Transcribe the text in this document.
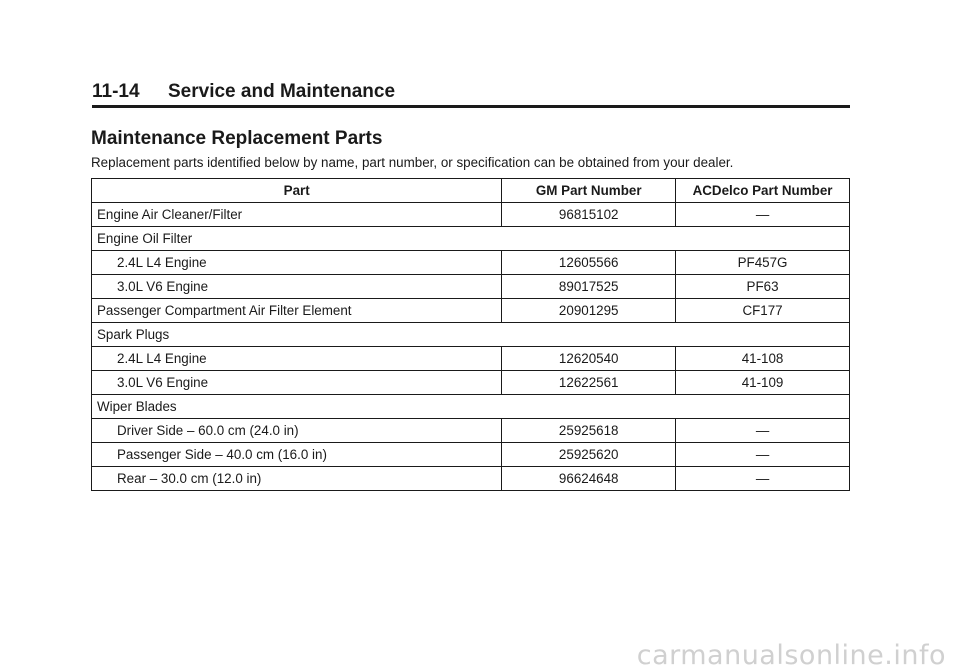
11-14 Service and Maintenance
Maintenance Replacement Parts

Replacement parts identified below by name, part number, or specification can be obtained from your dealer.

Part	GM Part Number	ACDelco Part Number
Engine Air Cleaner/Filter	96815102	—
Engine Oil Filter		
2.4L L4 Engine	12605566	PF457G
3.0L V6 Engine	89017525	PF63
Passenger Compartment Air Filter Element	20901295	CF177
Spark Plugs		
2.4L L4 Engine	12620540	41-108
3.0L V6 Engine	12622561	41-109
Wiper Blades		
Driver Side – 60.0 cm (24.0 in)	25925618	—
Passenger Side – 40.0 cm (16.0 in)	25925620	—
Rear – 30.0 cm (12.0 in)	96624648	—
carmanualsonline.info
